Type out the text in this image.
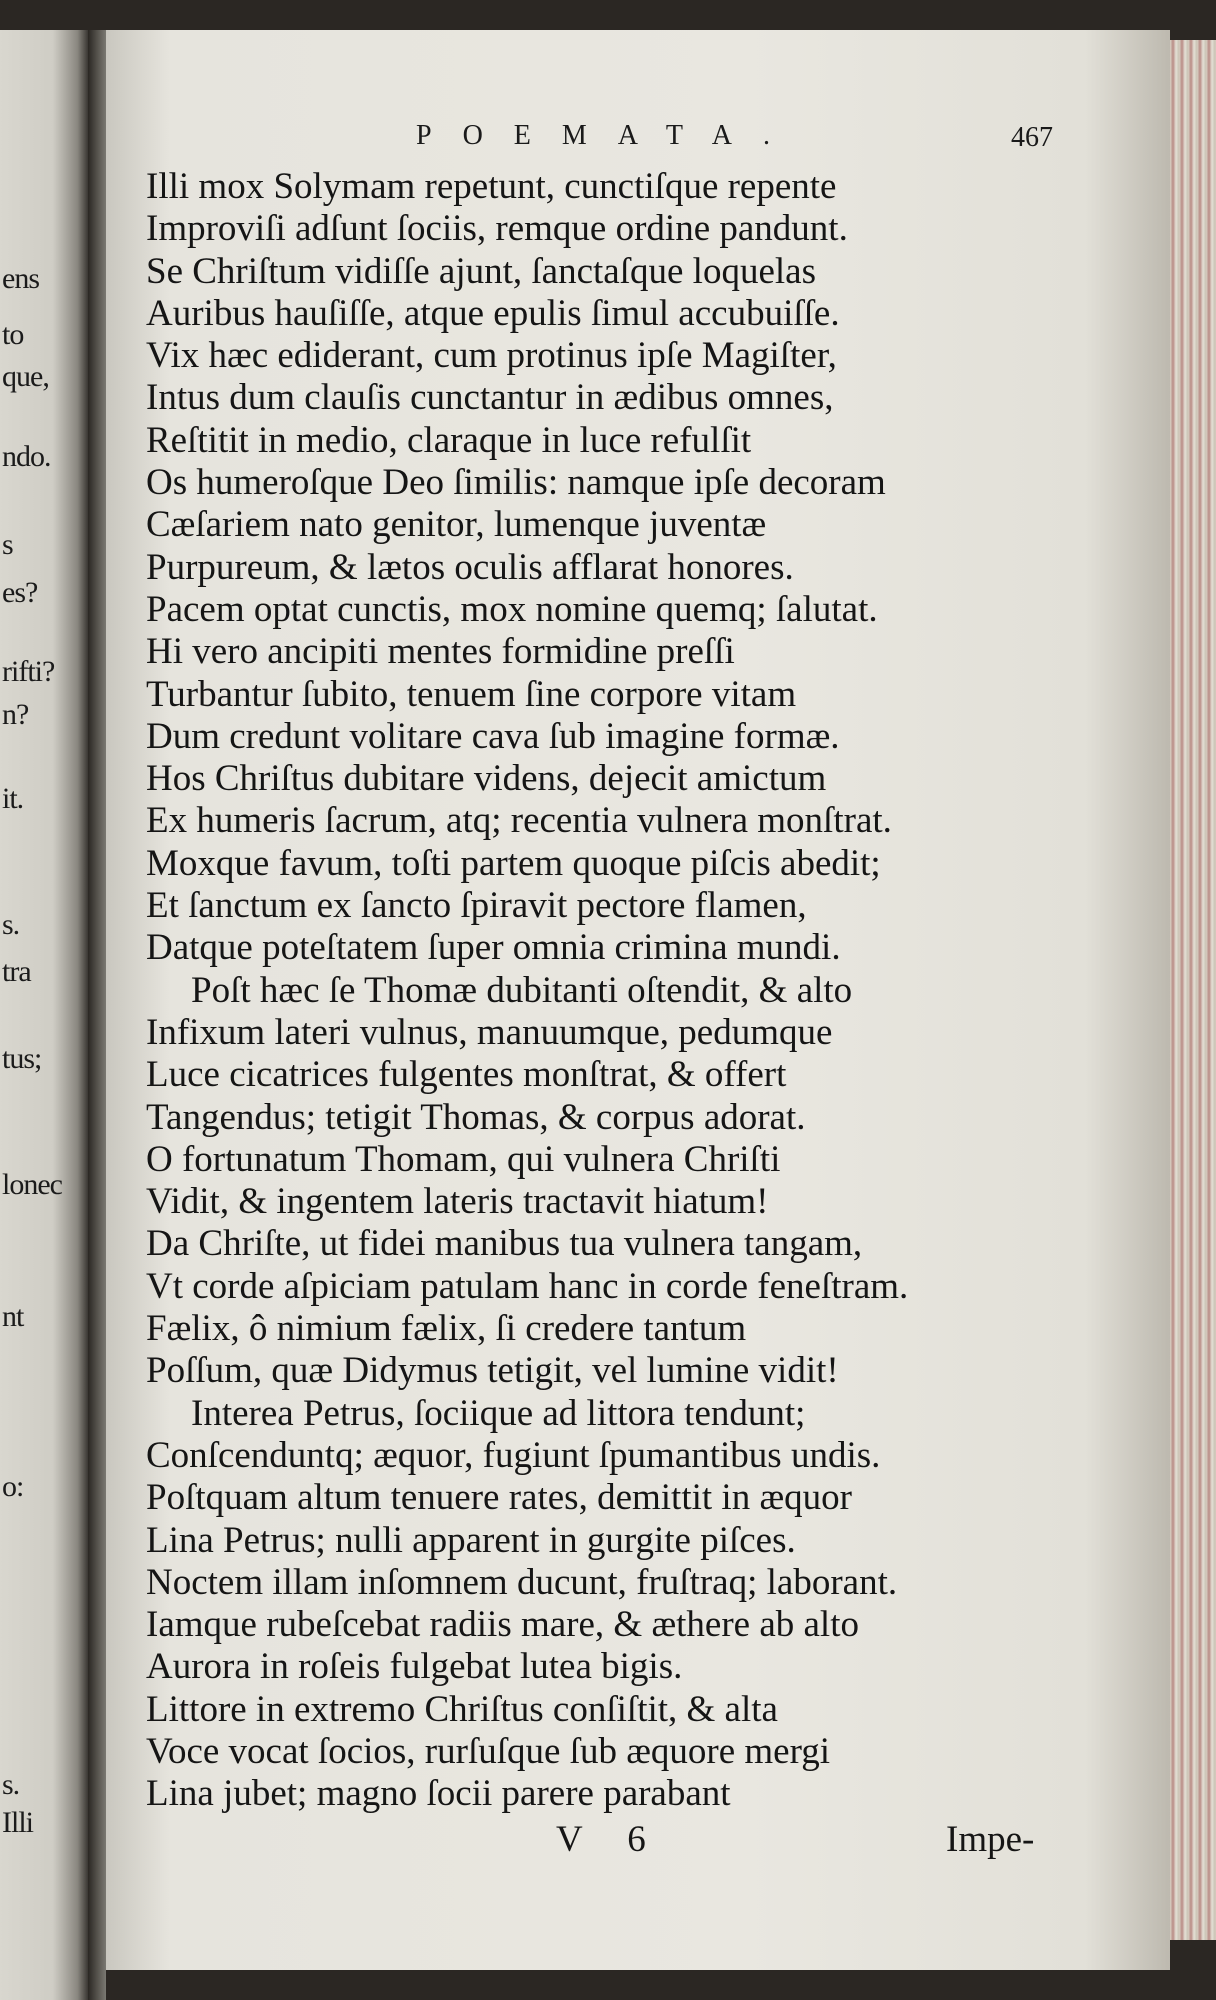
ens
to
que,
ndo.
s
es?
rifti?
n?
it.
s.
tra
tus;
lonec
nt
o:
s.
Illi
POEMATA.	467
Illi mox Solymam repetunt, cunctiſque repente
Improviſi adſunt ſociis, remque ordine pandunt.
Se Chriſtum vidiſſe ajunt, ſanctaſque loquelas
Auribus hauſiſſe, atque epulis ſimul accubuiſſe.
Vix hæc ediderant, cum protinus ipſe Magiſter,
Intus dum clauſis cunctantur in ædibus omnes,
Reſtitit in medio, claraque in luce refulſit
Os humeroſque Deo ſimilis: namque ipſe decoram
Cæſariem nato genitor, lumenque juventæ
Purpureum, & lætos oculis afflarat honores.
Pacem optat cunctis, mox nomine quemq; ſalutat.
Hi vero ancipiti mentes formidine preſſi
Turbantur ſubito, tenuem ſine corpore vitam
Dum credunt volitare cava ſub imagine formæ.
Hos Chriſtus dubitare videns, dejecit amictum
Ex humeris ſacrum, atq; recentia vulnera monſtrat.
Moxque favum, toſti partem quoque piſcis abedit;
Et ſanctum ex ſancto ſpiravit pectore flamen,
Datque poteſtatem ſuper omnia crimina mundi.
Poſt hæc ſe Thomæ dubitanti oſtendit, & alto
Infixum lateri vulnus, manuumque, pedumque
Luce cicatrices fulgentes monſtrat, & offert
Tangendus; tetigit Thomas, & corpus adorat.
O fortunatum Thomam, qui vulnera Chriſti
Vidit, & ingentem lateris tractavit hiatum!
Da Chriſte, ut fidei manibus tua vulnera tangam,
Vt corde aſpiciam patulam hanc in corde feneſtram.
Fælix, ô nimium fælix, ſi credere tantum
Poſſum, quæ Didymus tetigit, vel lumine vidit!
Interea Petrus, ſociique ad littora tendunt;
Conſcenduntq; æquor, fugiunt ſpumantibus undis.
Poſtquam altum tenuere rates, demittit in æquor
Lina Petrus; nulli apparent in gurgite piſces.
Noctem illam inſomnem ducunt, fruſtraq; laborant.
Iamque rubeſcebat radiis mare, & æthere ab alto
Aurora in roſeis fulgebat lutea bigis.
Littore in extremo Chriſtus conſiſtit, & alta
Voce vocat ſocios, rurſuſque ſub æquore mergi
Lina jubet; magno ſocii parere parabant
V 6	Impe-
